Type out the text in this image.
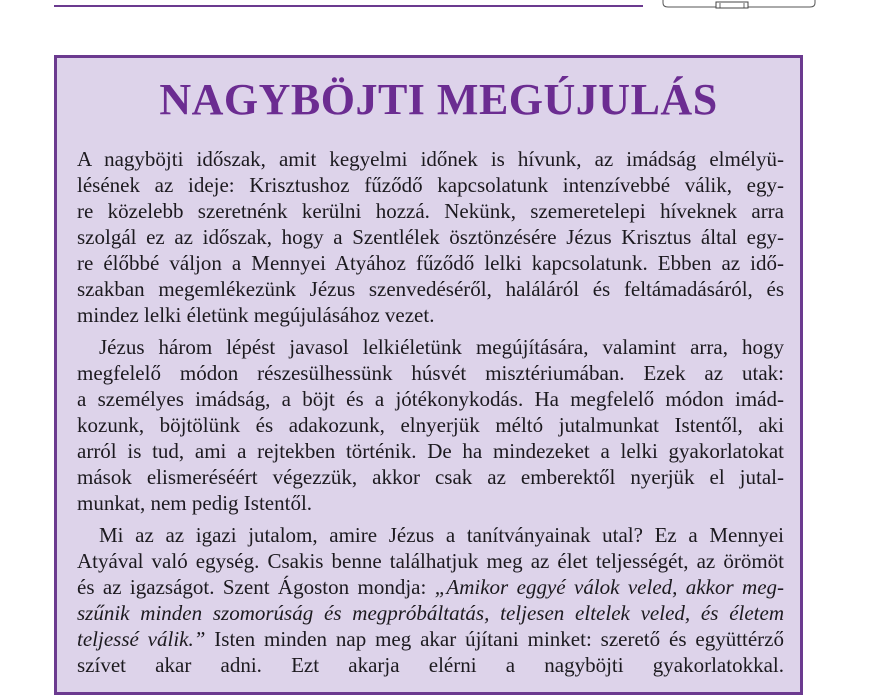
NAGYBÖJTI MEGÚJULÁS
A nagyböjti időszak, amit kegyelmi időnek is hívunk, az imádság elmélyü-
lésének az ideje: Krisztushoz fűződő kapcsolatunk intenzívebbé válik, egy-
re közelebb szeretnénk kerülni hozzá. Nekünk, szemeretelepi híveknek arra
szolgál ez az időszak, hogy a Szentlélek ösztönzésére Jézus Krisztus által egy-
re élőbbé váljon a Mennyei Atyához fűződő lelki kapcsolatunk. Ebben az idő-
szakban megemlékezünk Jézus szenvedéséről, haláláról és feltámadásáról, és
mindez lelki életünk megújulásához vezet.
Jézus három lépést javasol lelkiéletünk megújítására, valamint arra, hogy
megfelelő módon részesülhessünk húsvét misztériumában. Ezek az utak:
a személyes imádság, a böjt és a jótékonykodás. Ha megfelelő módon imád-
kozunk, böjtölünk és adakozunk, elnyerjük méltó jutalmunkat Istentől, aki
arról is tud, ami a rejtekben történik. De ha mindezeket a lelki gyakorlatokat
mások elismeréséért végezzük, akkor csak az emberektől nyerjük el jutal-
munkat, nem pedig Istentől.
Mi az az igazi jutalom, amire Jézus a tanítványainak utal? Ez a Mennyei
Atyával való egység. Csakis benne találhatjuk meg az élet teljességét, az örömöt
és az igazságot. Szent Ágoston mondja: „Amikor eggyé válok veled, akkor meg-
szűnik minden szomorúság és megpróbáltatás, teljesen eltelek veled, és életem
teljessé válik.” Isten minden nap meg akar újítani minket: szerető és együttérző
szívet akar adni. Ezt akarja elérni a nagyböjti gyakorlatokkal.
